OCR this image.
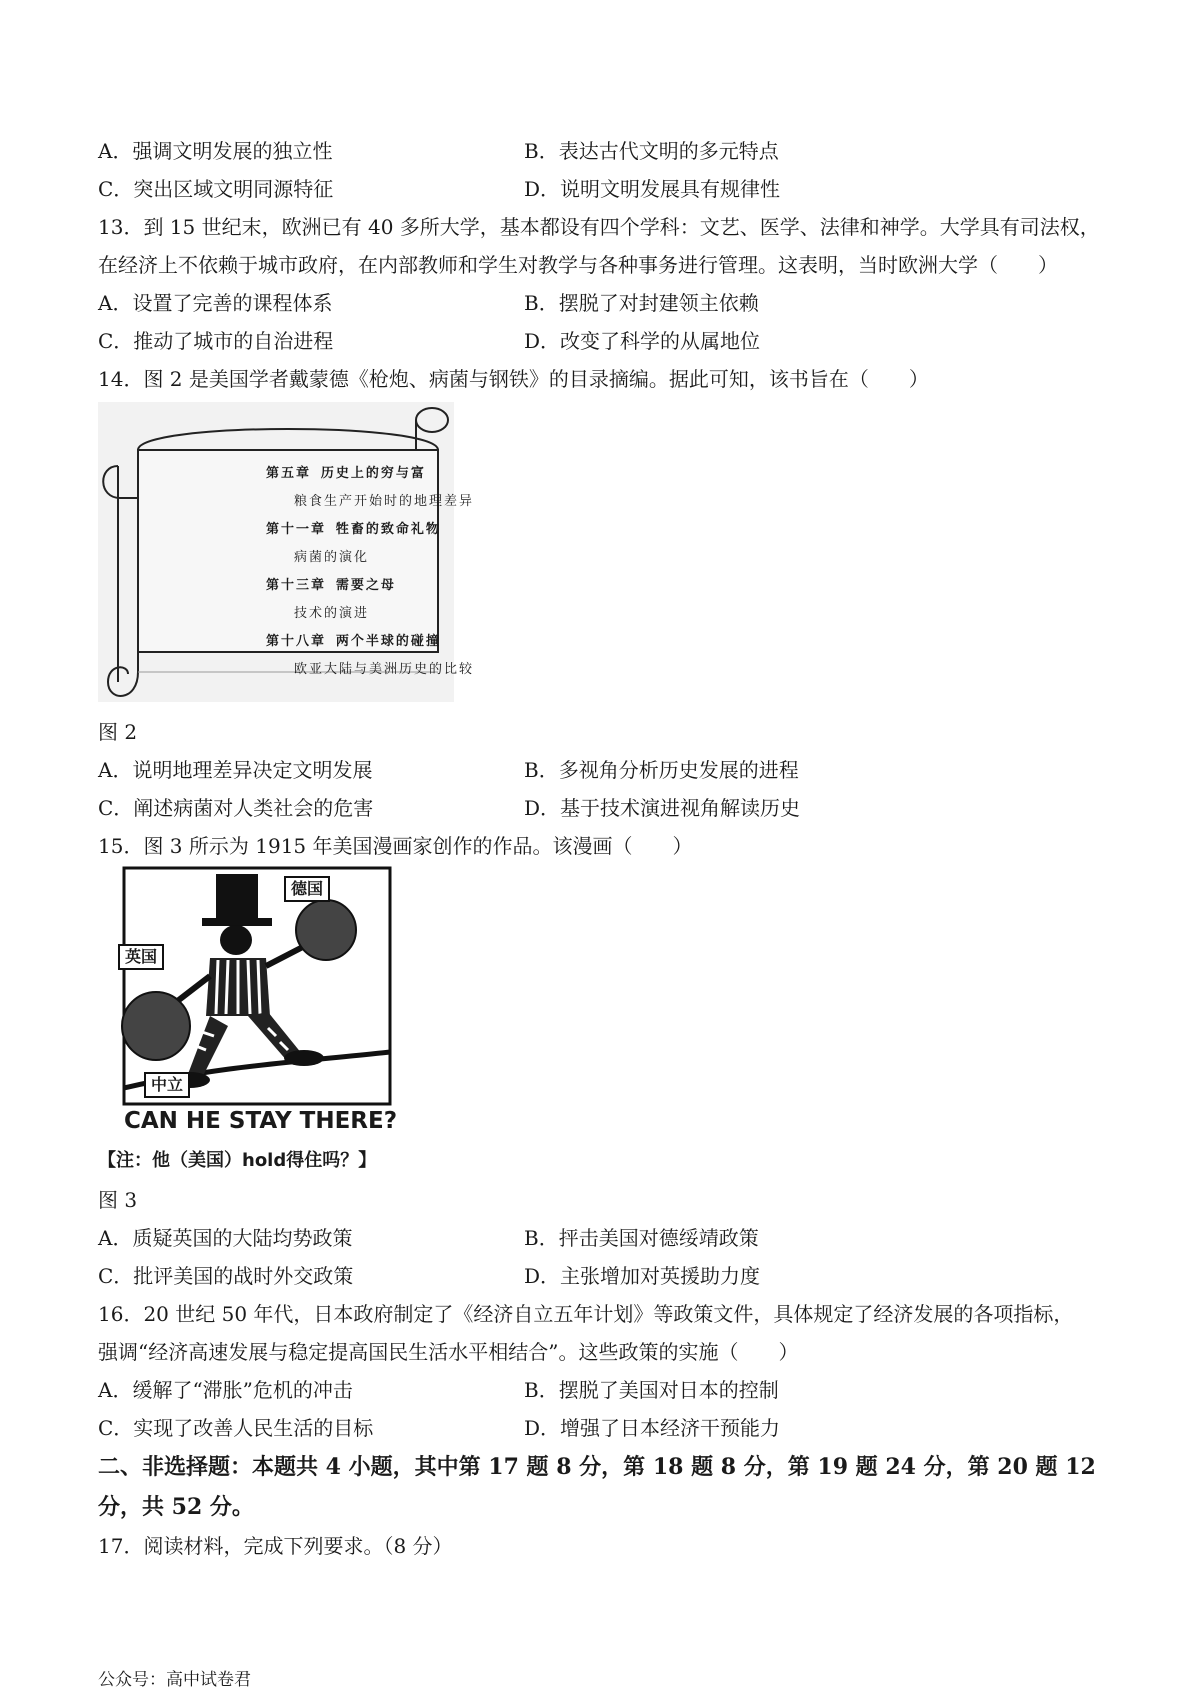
A．强调文明发展的独立性	B．表达古代文明的多元特点
C．突出区域文明同源特征	D．说明文明发展具有规律性
13．到 15 世纪末，欧洲已有 40 多所大学，基本都设有四个学科：文艺、医学、法律和神学。大学具有司法权，
在经济上不依赖于城市政府，在内部教师和学生对教学与各种事务进行管理。这表明，当时欧洲大学（　　）
A．设置了完善的课程体系	B．摆脱了对封建领主依赖
C．推动了城市的自治进程	D．改变了科学的从属地位
14．图 2 是美国学者戴蒙德《枪炮、病菌与钢铁》的目录摘编。据此可知，该书旨在（　　）
第五章 历史上的穷与富
粮食生产开始时的地理差异
第十一章 牲畜的致命礼物
病菌的演化
第十三章 需要之母
技术的演进
第十八章 两个半球的碰撞
欧亚大陆与美洲历史的比较
图 2
A．说明地理差异决定文明发展	B．多视角分析历史发展的进程
C．阐述病菌对人类社会的危害	D．基于技术演进视角解读历史
15．图 3 所示为 1915 年美国漫画家创作的作品。该漫画（　　）
德国
英国
中立
CAN HE STAY THERE?
【注：他（美国）hold得住吗？】
图 3
A．质疑英国的大陆均势政策	B．抨击美国对德绥靖政策
C．批评美国的战时外交政策	D．主张增加对英援助力度
16．20 世纪 50 年代，日本政府制定了《经济自立五年计划》等政策文件，具体规定了经济发展的各项指标，
强调“经济高速发展与稳定提高国民生活水平相结合”。这些政策的实施（　　）
A．缓解了“滞胀”危机的冲击	B．摆脱了美国对日本的控制
C．实现了改善人民生活的目标	D．增强了日本经济干预能力
二、非选择题：本题共 4 小题，其中第 17 题 8 分，第 18 题 8 分，第 19 题 24 分，第 20 题 12
分，共 52 分。
17．阅读材料，完成下列要求。（8 分）
公众号：高中试卷君
